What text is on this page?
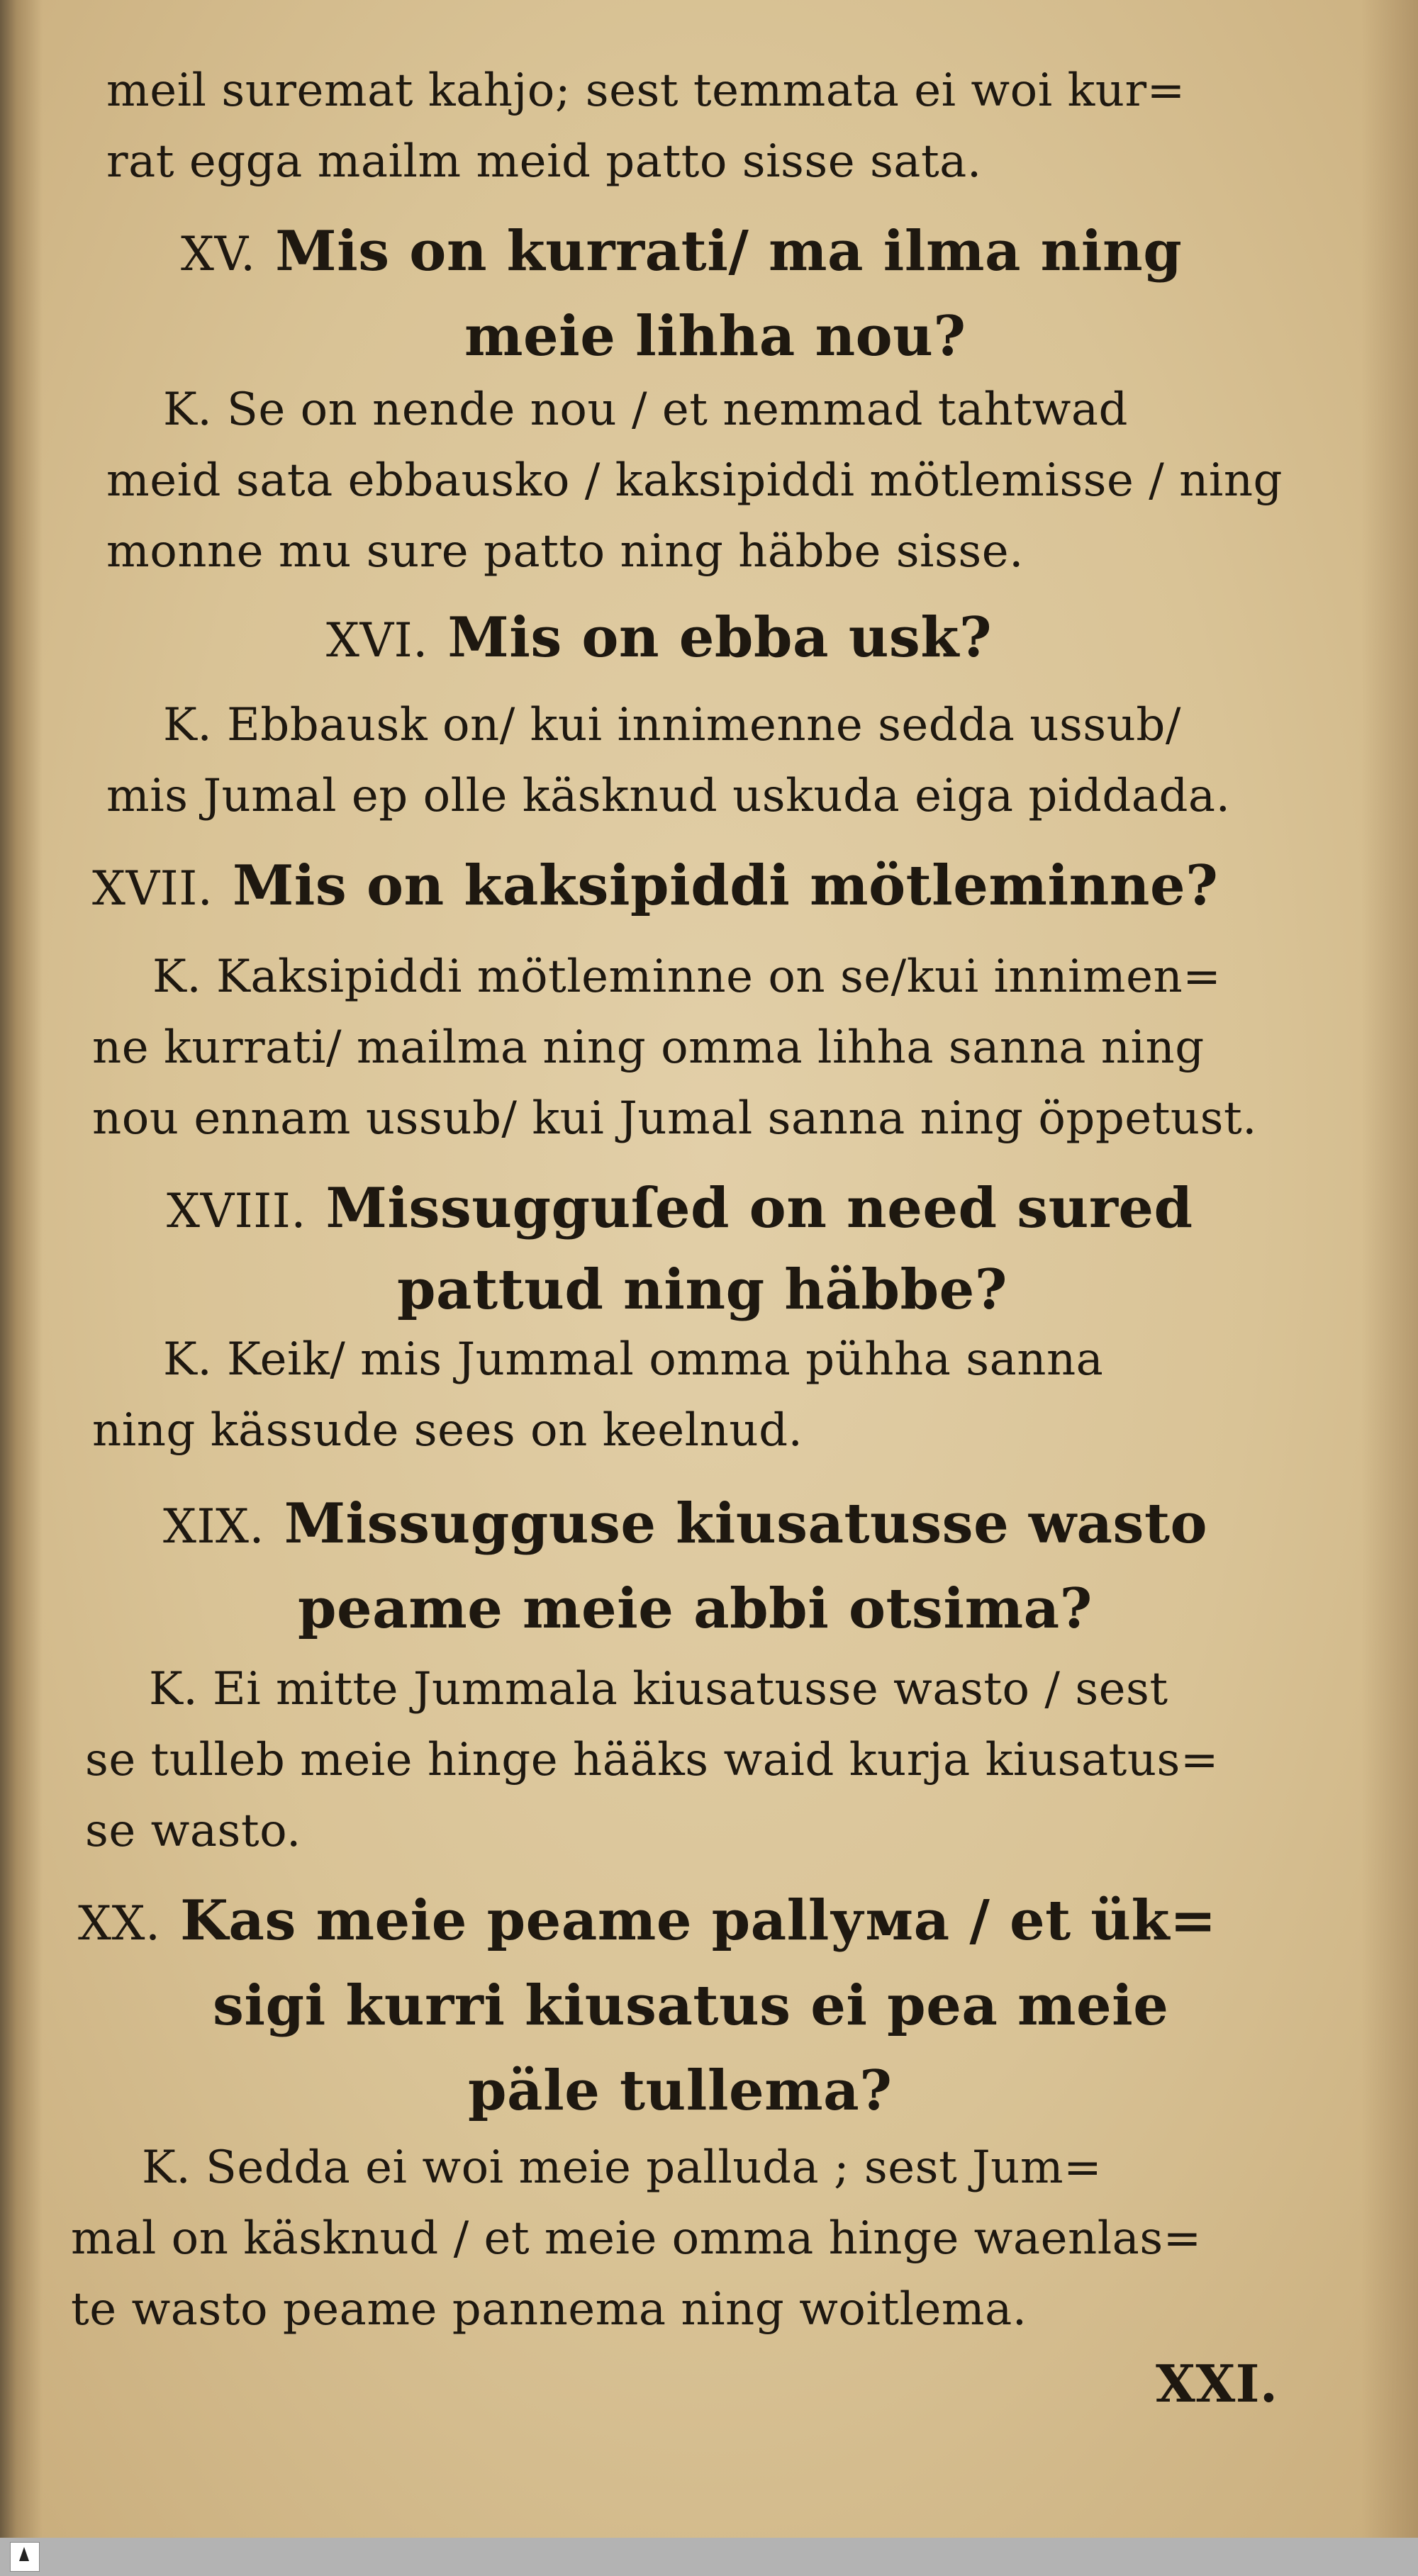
meil suremat kahjo; sest temmata ei woi kur=
rat egga mailm meid patto sisse sata.
XV. Mis on kurrati/ ma ilma ning
meie lihha nou?
K. Se on nende nou / et nemmad tahtwad
meid sata ebbausko / kaksipiddi mötlemisse / ning
monne mu sure patto ning häbbe sisse.
XVI. Mis on ebba usk?
K. Ebbausk on/ kui innimenne sedda ussub/
mis Jumal ep olle käsknud uskuda eiga piddada.
XVII. Mis on kaksipiddi mötleminne?
K. Kaksipiddi mötleminne on se/kui innimen=
ne kurrati/ mailma ning omma lihha sanna ning
nou ennam ussub/ kui Jumal sanna ning öppetust.
XVIII. Missugguſed on need sured
pattud ning häbbe?
K. Keik/ mis Jummal omma pühha sanna
ning kässude sees on keelnud.
XIX. Missugguse kiusatusse wasto
peame meie abbi otsima?
K. Ei mitte Jummala kiusatusse wasto / sest
se tulleb meie hinge hääks waid kurja kiusatus=
se wasto.
XX. Kas meie peame pallума / et ük=
sigi kurri kiusatus ei pea meie
päle tullema?
K. Sedda ei woi meie palluda ; sest Jum=
mal on käsknud / et meie omma hinge waenlas=
te wasto peame pannema ning woitlema.
XXI.
